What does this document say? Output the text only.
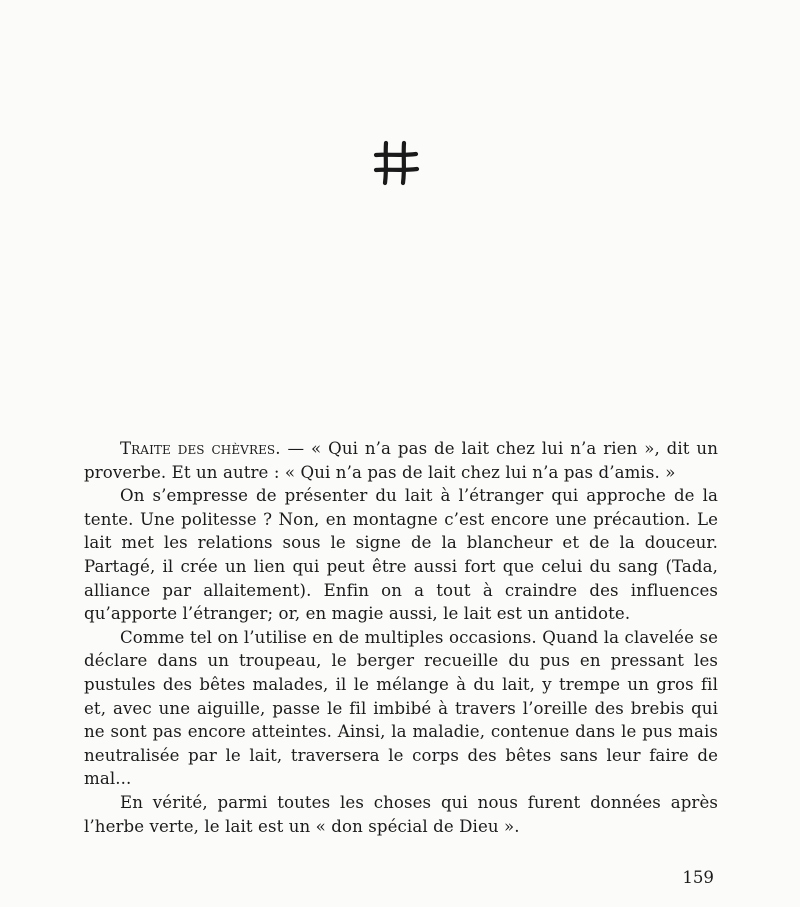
Traite des chèvres. — « Qui n’a pas de lait chez lui n’a rien », dit un proverbe. Et un autre : « Qui n’a pas de lait chez lui n’a pas d’amis. »

On s’empresse de présenter du lait à l’étranger qui approche de la tente. Une politesse ? Non, en montagne c’est encore une précaution. Le lait met les relations sous le signe de la blancheur et de la douceur. Partagé, il crée un lien qui peut être aussi fort que celui du sang (Tada, alliance par allaitement). Enfin on a tout à craindre des influences qu’apporte l’étranger; or, en magie aussi, le lait est un antidote.

Comme tel on l’utilise en de multiples occasions. Quand la clavelée se déclare dans un troupeau, le berger recueille du pus en pressant les pustules des bêtes malades, il le mélange à du lait, y trempe un gros fil et, avec une aiguille, passe le fil imbibé à travers l’oreille des brebis qui ne sont pas encore atteintes. Ainsi, la maladie, contenue dans le pus mais neutralisée par le lait, traversera le corps des bêtes sans leur faire de mal...

En vérité, parmi toutes les choses qui nous furent données après l’herbe verte, le lait est un « don spécial de Dieu ».

159
